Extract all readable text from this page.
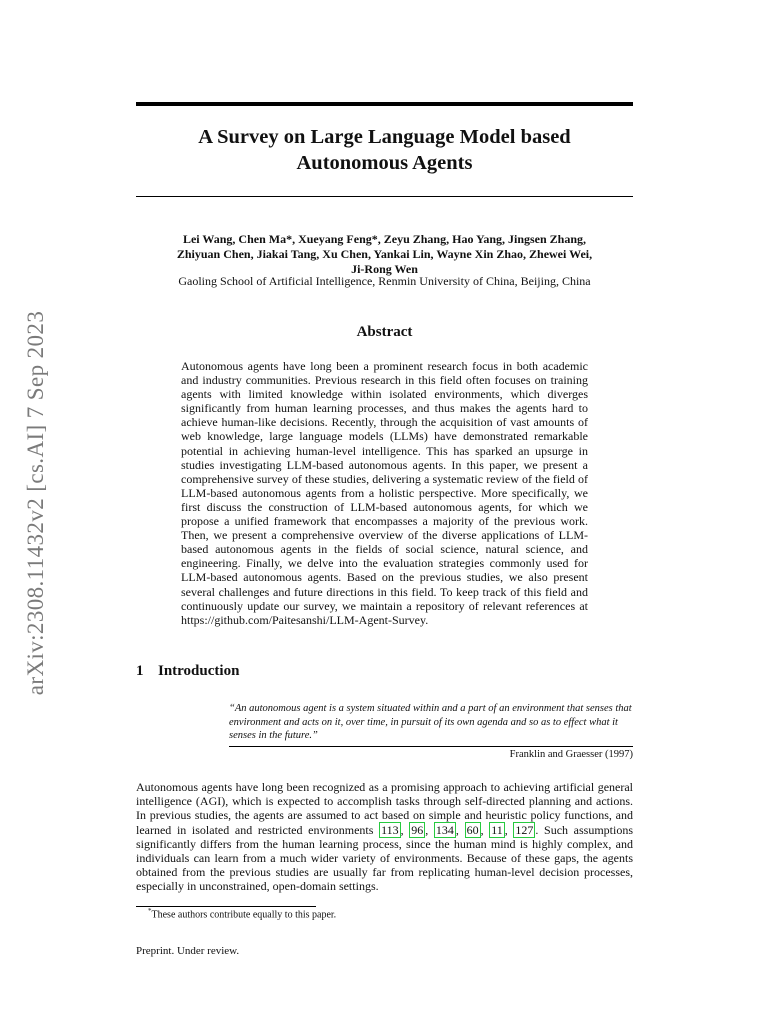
arXiv:2308.11432v2 [cs.AI] 7 Sep 2023
A Survey on Large Language Model based
Autonomous Agents
Lei Wang, Chen Ma*, Xueyang Feng*, Zeyu Zhang, Hao Yang, Jingsen Zhang,
Zhiyuan Chen, Jiakai Tang, Xu Chen, Yankai Lin, Wayne Xin Zhao, Zhewei Wei,
Ji-Rong Wen
Gaoling School of Artificial Intelligence, Renmin University of China, Beijing, China
Abstract
Autonomous agents have long been a prominent research focus in both academic and industry communities. Previous research in this field often focuses on training agents with limited knowledge within isolated environments, which diverges significantly from human learning processes, and thus makes the agents hard to achieve human-like decisions. Recently, through the acquisition of vast amounts of web knowledge, large language models (LLMs) have demonstrated remarkable potential in achieving human-level intelligence. This has sparked an upsurge in studies investigating LLM-based autonomous agents. In this paper, we present a comprehensive survey of these studies, delivering a systematic review of the field of LLM-based autonomous agents from a holistic perspective. More specifically, we first discuss the construction of LLM-based autonomous agents, for which we propose a unified framework that encompasses a majority of the previous work. Then, we present a comprehensive overview of the diverse applications of LLM-based autonomous agents in the fields of social science, natural science, and engineering. Finally, we delve into the evaluation strategies commonly used for LLM-based autonomous agents. Based on the previous studies, we also present several challenges and future directions in this field. To keep track of this field and continuously update our survey, we maintain a repository of relevant references at https://github.com/Paitesanshi/LLM-Agent-Survey.
1 Introduction
“An autonomous agent is a system situated within and a part of an environment that senses that environment and acts on it, over time, in pursuit of its own agenda and so as to effect what it senses in the future.”
Franklin and Graesser (1997)
Autonomous agents have long been recognized as a promising approach to achieving artificial general intelligence (AGI), which is expected to accomplish tasks through self-directed planning and actions. In previous studies, the agents are assumed to act based on simple and heuristic policy functions, and learned in isolated and restricted environments 113 , 96 , 134 , 60 , 11 , 127 . Such assumptions significantly differs from the human learning process, since the human mind is highly complex, and individuals can learn from a much wider variety of environments. Because of these gaps, the agents obtained from the previous studies are usually far from replicating human-level decision processes, especially in unconstrained, open-domain settings.
*These authors contribute equally to this paper.
Preprint. Under review.
